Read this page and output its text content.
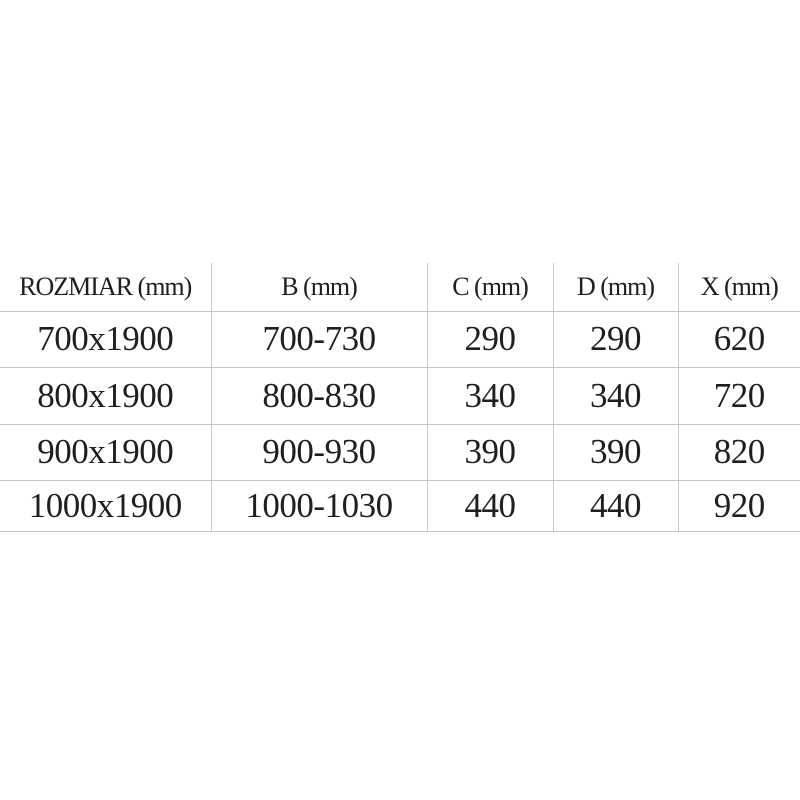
ROZMIAR (mm)	B (mm)	C (mm)	D (mm)	X (mm)
700x1900	700-730	290	290	620
800x1900	800-830	340	340	720
900x1900	900-930	390	390	820
1000x1900	1000-1030	440	440	920
